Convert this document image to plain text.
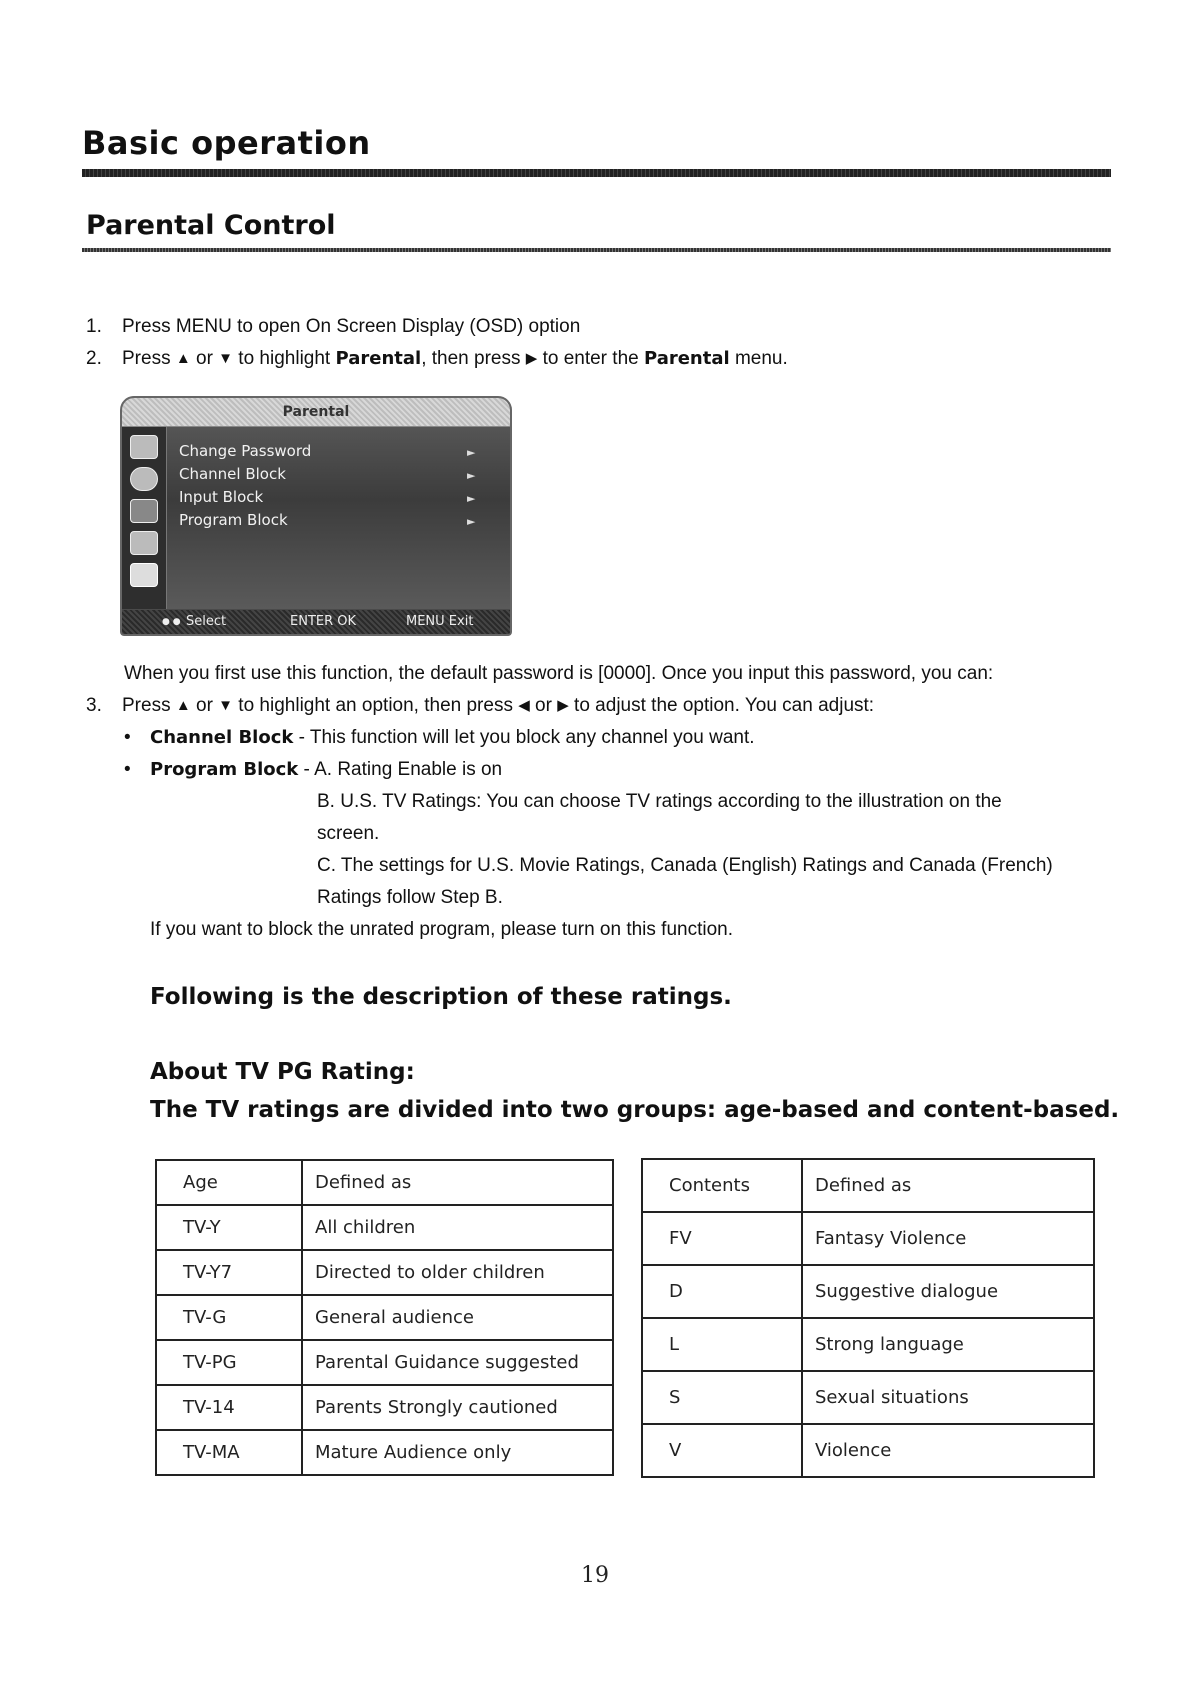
Basic operation
Parental Control
1. Press MENU to open On Screen Display (OSD) option
2. Press ▲ or ▼ to highlight Parental, then press ▶ to enter the Parental menu.
Parental
Change Password	►
Channel Block	►
Input Block	►
Program Block	►
● ● Select	ENTER OK	MENU Exit
When you first use this function, the default password is [0000]. Once you input this password, you can:
3. Press ▲ or ▼ to highlight an option, then press ◀ or ▶ to adjust the option. You can adjust:
• Channel Block - This function will let you block any channel you want.
• Program Block - A. Rating Enable is on
B. U.S. TV Ratings: You can choose TV ratings according to the illustration on the
screen.
C. The settings for U.S. Movie Ratings, Canada (English) Ratings and Canada (French)
Ratings follow Step B.
If you want to block the unrated program, please turn on this function.

Following is the description of these ratings.

About TV PG Rating:

The TV ratings are divided into two groups: age-based and content-based.

Age	Defined as
TV-Y	All children
TV-Y7	Directed to older children
TV-G	General audience
TV-PG	Parental Guidance suggested
TV-14	Parents Strongly cautioned
TV-MA	Mature Audience only
Contents	Defined as
FV	Fantasy Violence
D	Suggestive dialogue
L	Strong language
S	Sexual situations
V	Violence
19
